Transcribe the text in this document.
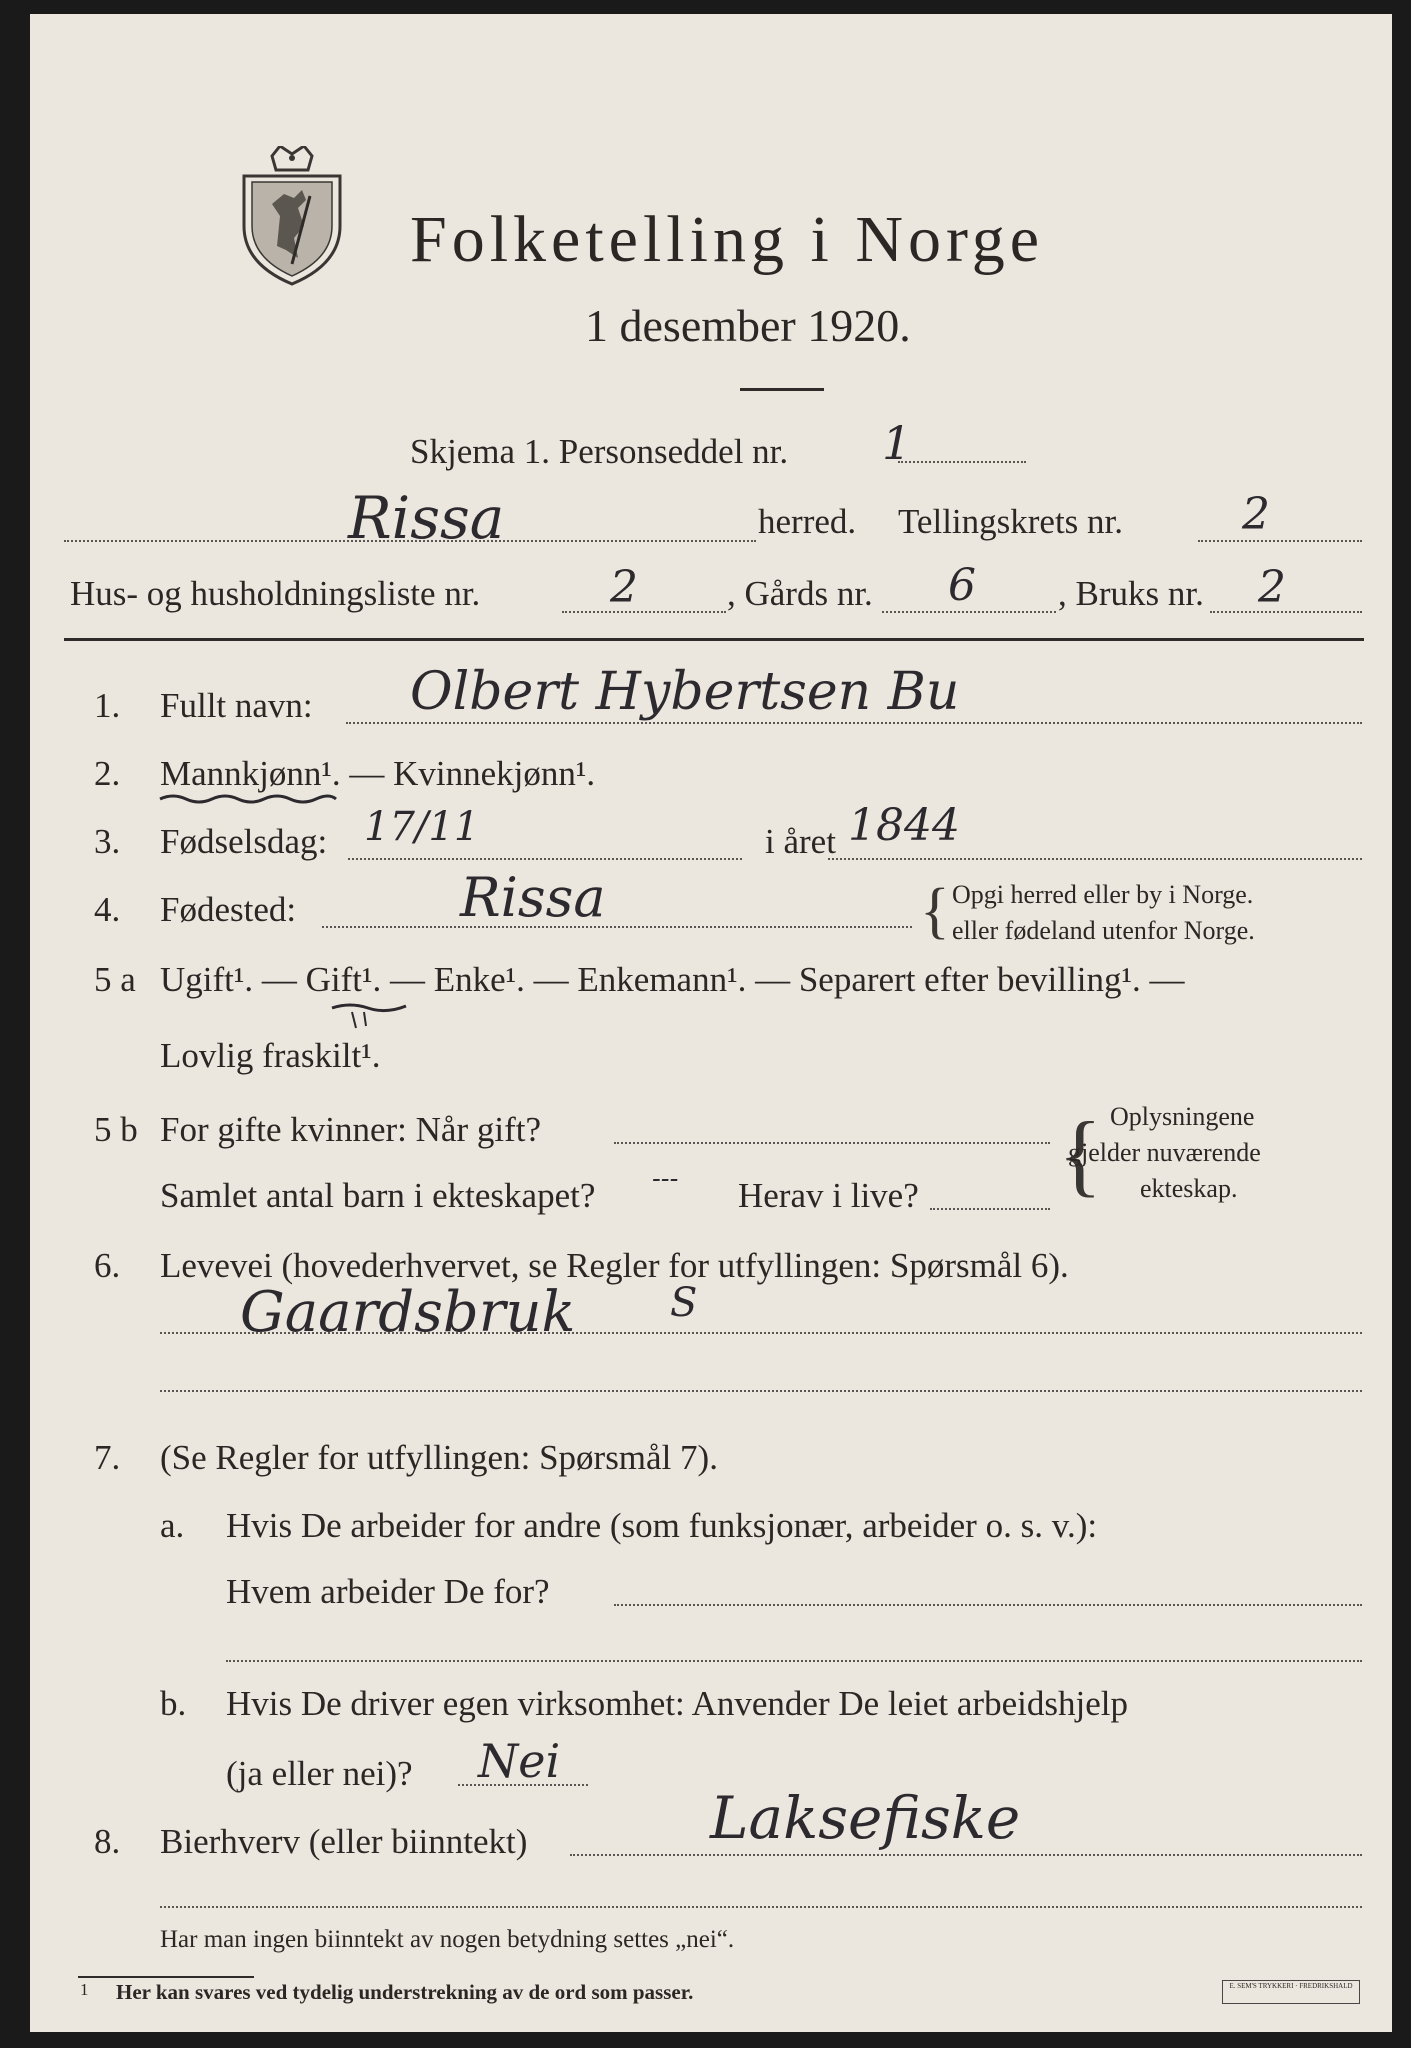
Folketelling i Norge
1 desember 1920.
Skjema 1. Personseddel nr. 1
Rissa	herred. Tellingskrets nr.	2
Hus- og husholdningsliste nr.	2	, Gårds nr. 6 , Bruks nr. 2
1. Fullt navn: Olbert Hybertsen Bu
2. Mannkjønn¹. — Kvinnekjønn¹.
3. Fødselsdag: 17/11	i året 1844
4. Fødested:	Rissa	{ Opgi herred eller by i Norge.
eller fødeland utenfor Norge.
5 a Ugift¹. — Gift¹. — Enke¹. — Enkemann¹. — Separert efter bevilling¹. —
Lovlig fraskilt¹.
5 b For gifte kvinner: Når gift?
Samlet antal barn i ekteskapet? --- Herav i live? { Oplysningene
gjelder nuværende
ekteskap.
6. Levevei (hovederhvervet, se Regler for utfyllingen: Spørsmål 6).
Gaardsbruk S
7. (Se Regler for utfyllingen: Spørsmål 7).
a. Hvis De arbeider for andre (som funksjonær, arbeider o. s. v.):
Hvem arbeider De for?
b. Hvis De driver egen virksomhet: Anvender De leiet arbeidshjelp
(ja eller nei)? Nei
8. Bierhverv (eller biinntekt)	Laksefiske
Har man ingen biinntekt av nogen betydning settes „nei“.
1 Her kan svares ved tydelig understrekning av de ord som passer.	E. SEM'S TRYKKERI · FREDRIKSHALD
